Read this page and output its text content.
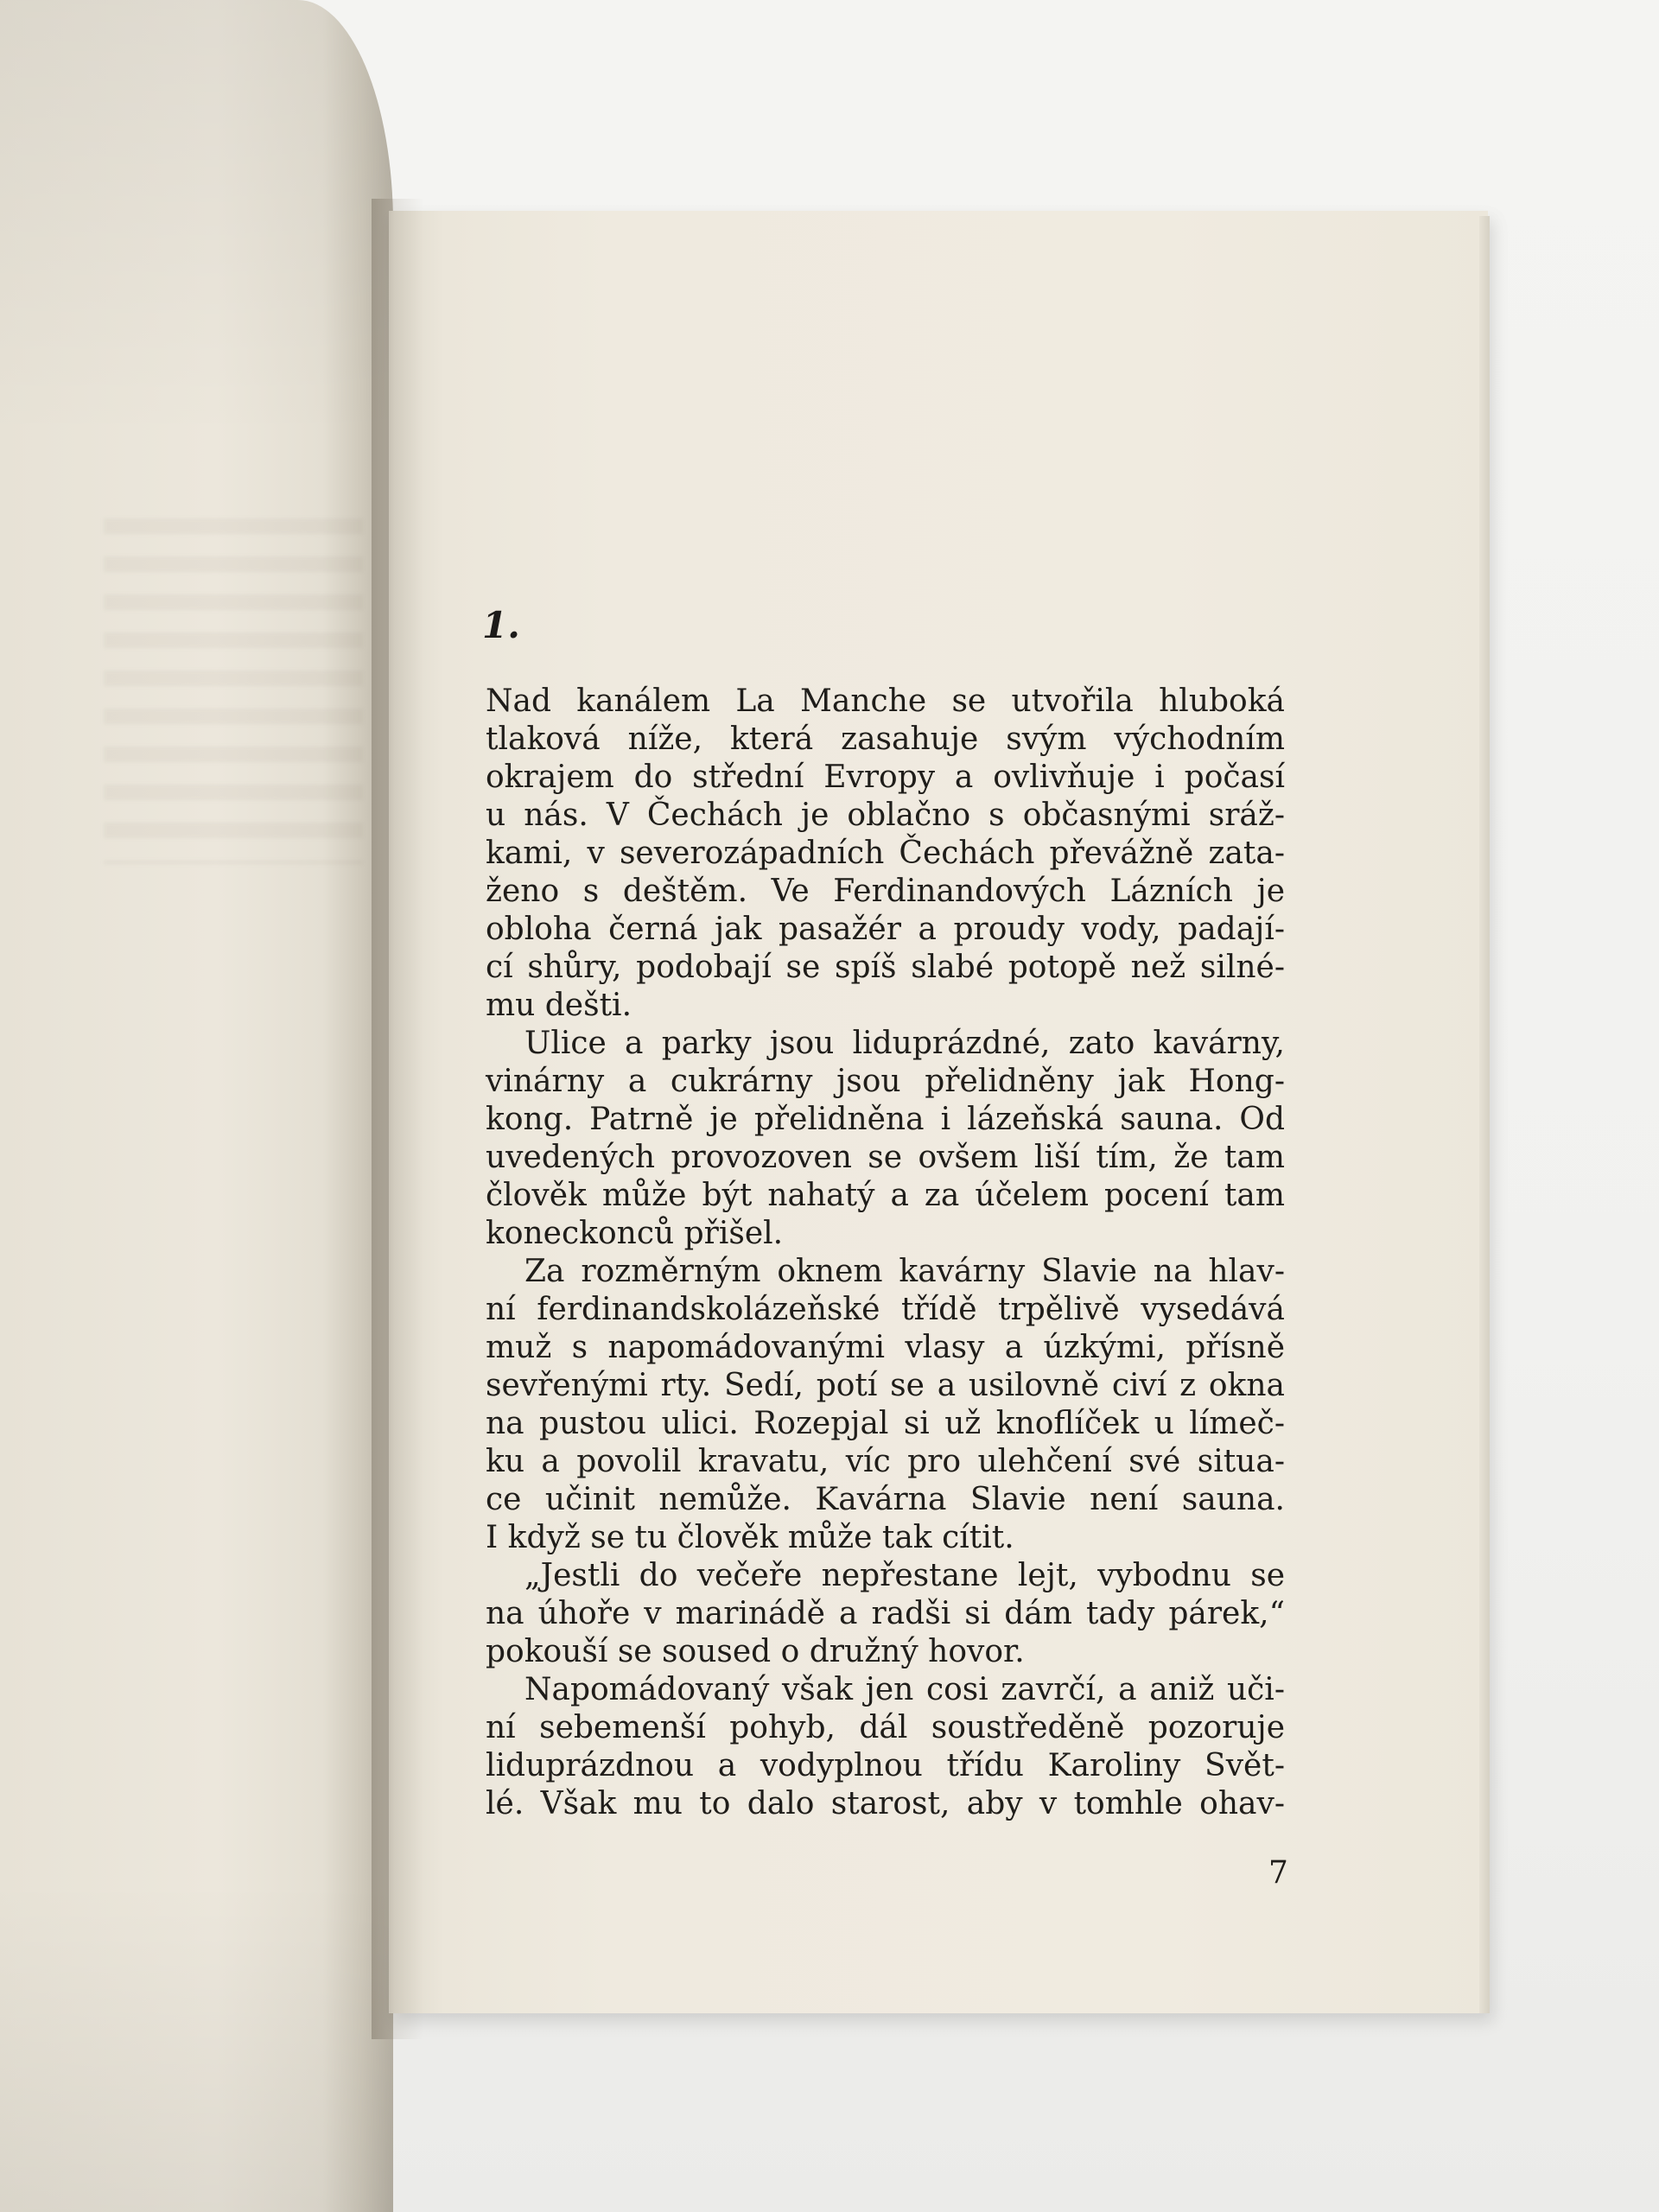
1.
Nad kanálem La Manche se utvořila hluboká
tlaková níže, která zasahuje svým východním
okrajem do střední Evropy a ovlivňuje i počasí
u nás. V Čechách je oblačno s občasnými sráž-
kami, v severozápadních Čechách převážně zata-
ženo s deštěm. Ve Ferdinandových Lázních je
obloha černá jak pasažér a proudy vody, padají-
cí shůry, podobají se spíš slabé potopě než silné-
mu dešti.
Ulice a parky jsou liduprázdné, zato kavárny,
vinárny a cukrárny jsou přelidněny jak Hong-
kong. Patrně je přelidněna i lázeňská sauna. Od
uvedených provozoven se ovšem liší tím, že tam
člověk může být nahatý a za účelem pocení tam
koneckonců přišel.
Za rozměrným oknem kavárny Slavie na hlav-
ní ferdinandskolázeňské třídě trpělivě vysedává
muž s napomádovanými vlasy a úzkými, přísně
sevřenými rty. Sedí, potí se a usilovně civí z okna
na pustou ulici. Rozepjal si už knoflíček u límeč-
ku a povolil kravatu, víc pro ulehčení své situa-
ce učinit nemůže. Kavárna Slavie není sauna.
I když se tu člověk může tak cítit.
„Jestli do večeře nepřestane lejt, vybodnu se
na úhoře v marinádě a radši si dám tady párek,“
pokouší se soused o družný hovor.
Napomádovaný však jen cosi zavrčí, a aniž uči-
ní sebemenší pohyb, dál soustředěně pozoruje
liduprázdnou a vodyplnou třídu Karoliny Svět-
lé. Však mu to dalo starost, aby v tomhle ohav-
7
